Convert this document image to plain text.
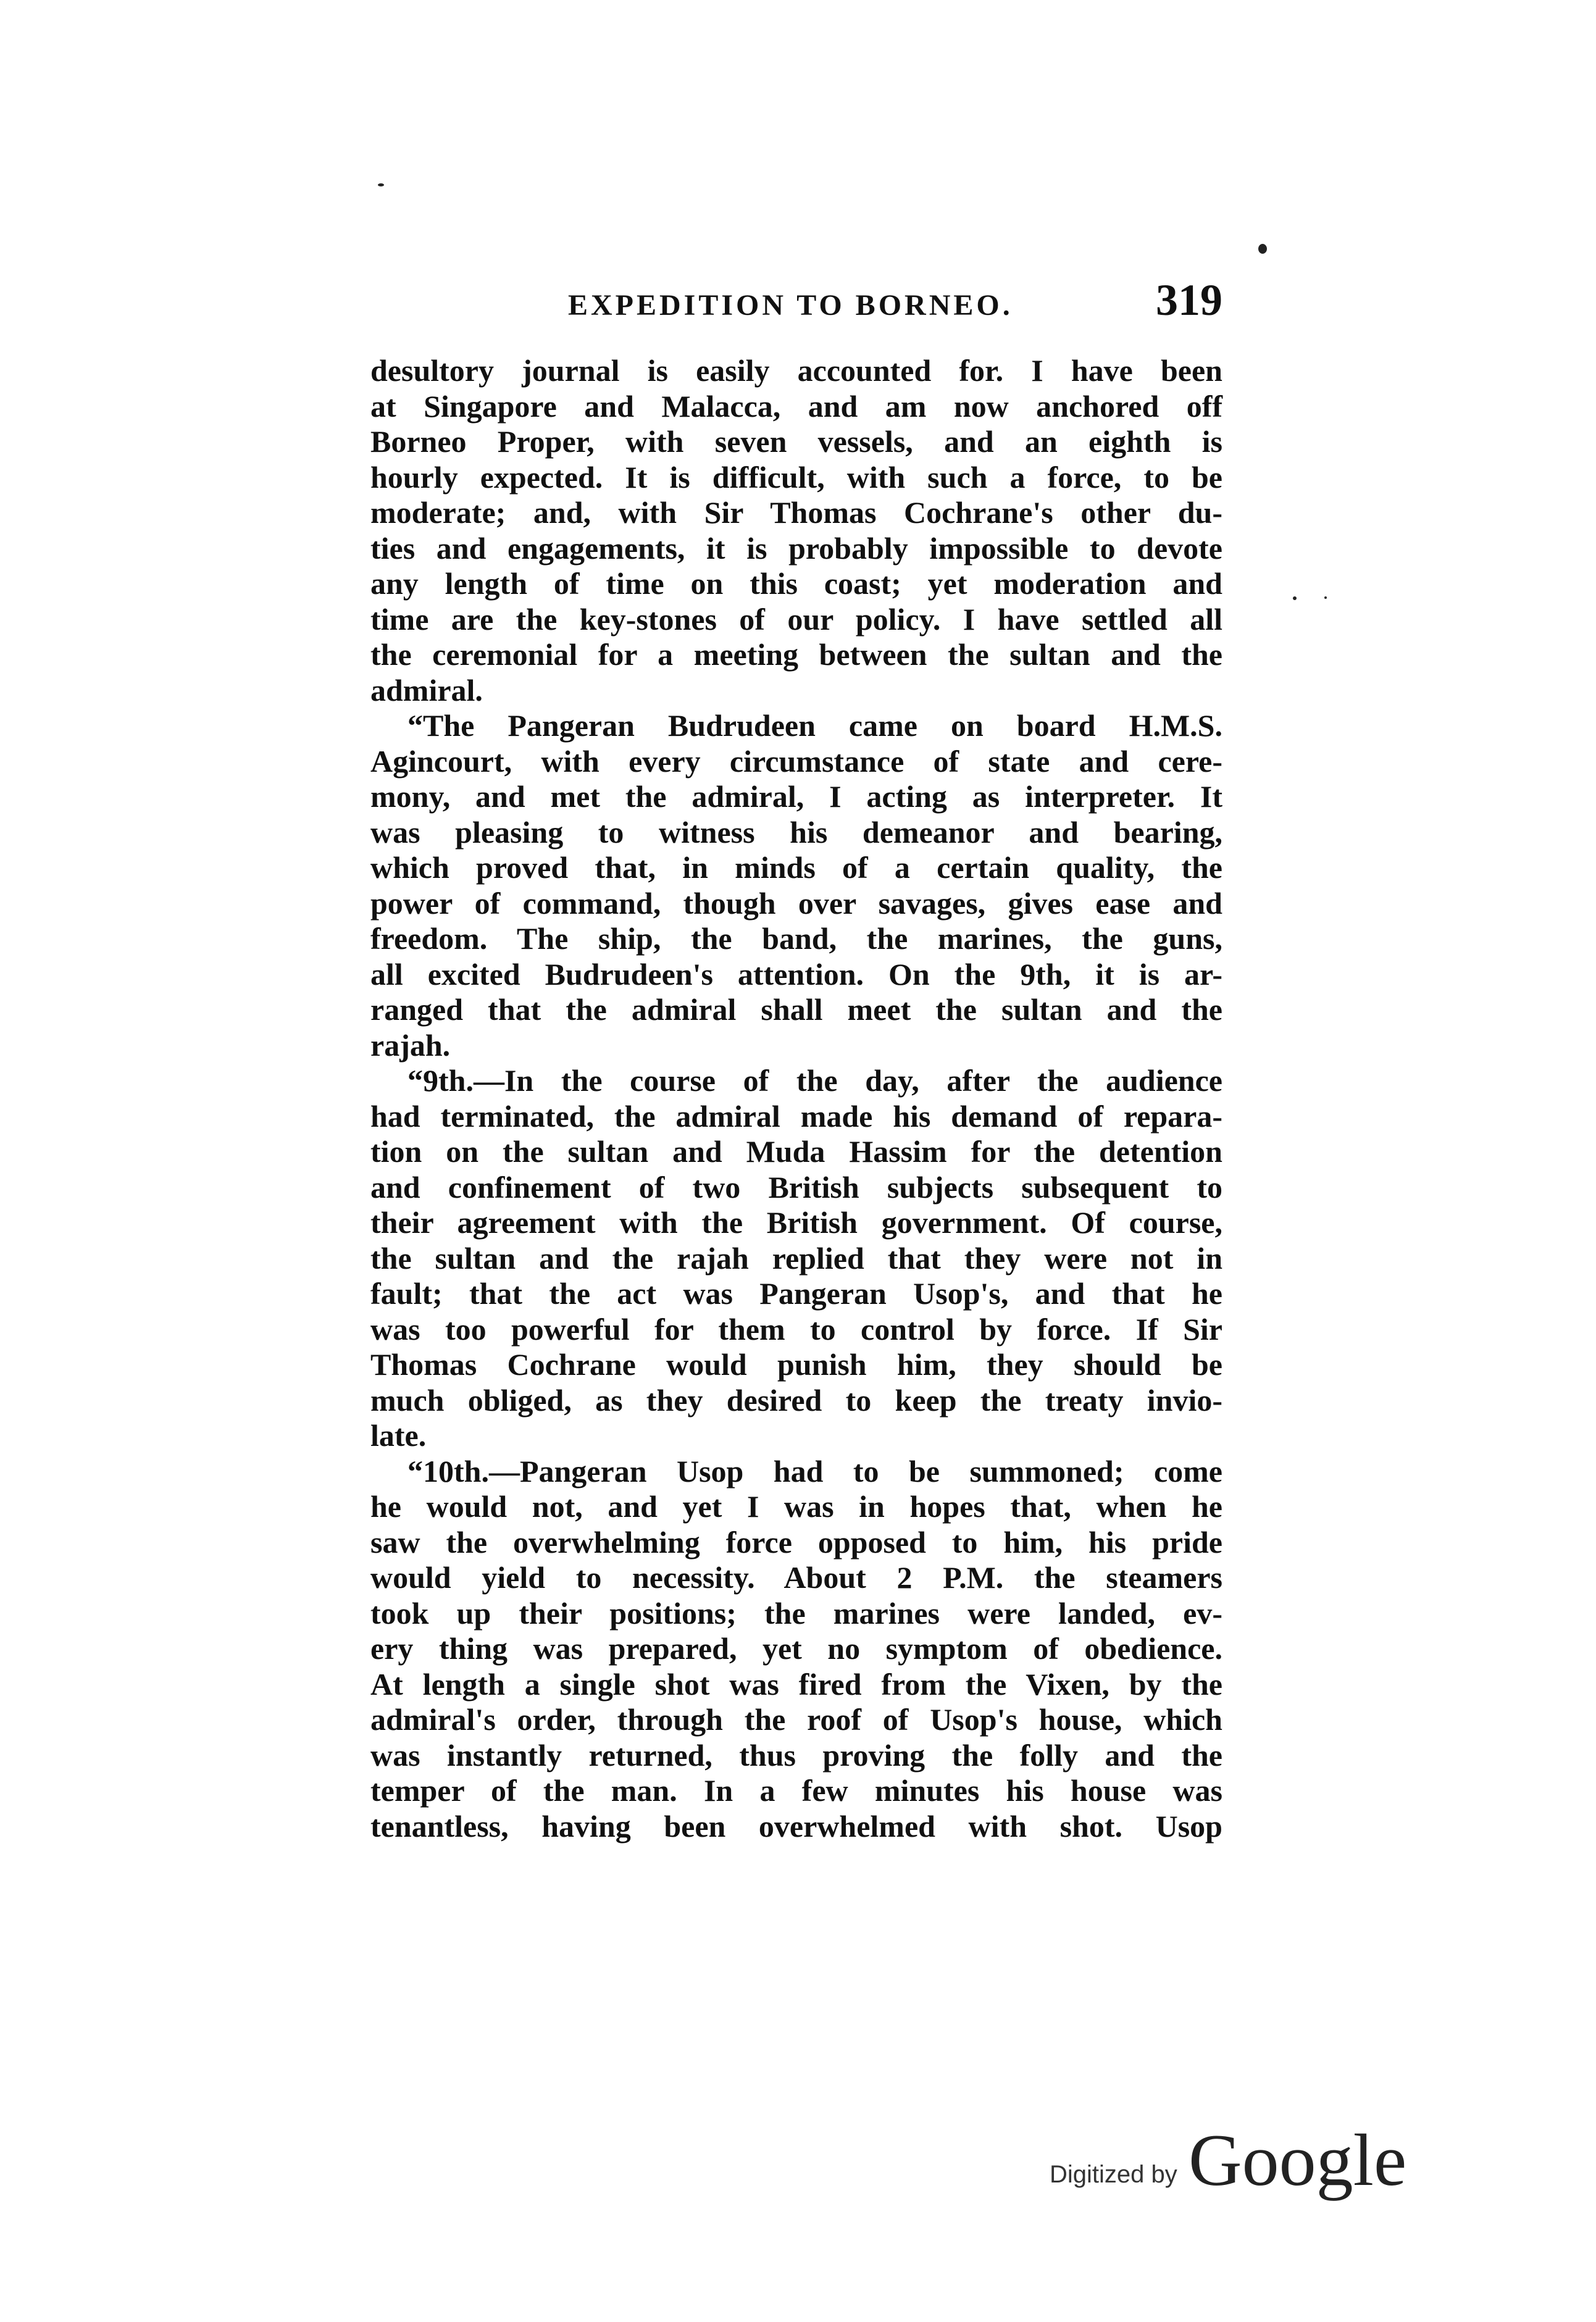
EXPEDITION TO BORNEO.	319
desultory journal is easily accounted for. I have been
at Singapore and Malacca, and am now anchored off
Borneo Proper, with seven vessels, and an eighth is
hourly expected. It is difficult, with such a force, to be
moderate; and, with Sir Thomas Cochrane's other du-
ties and engagements, it is probably impossible to devote
any length of time on this coast; yet moderation and
time are the key-stones of our policy. I have settled all
the ceremonial for a meeting between the sultan and the
admiral.
“The Pangeran Budrudeen came on board H.M.S.
Agincourt, with every circumstance of state and cere-
mony, and met the admiral, I acting as interpreter. It
was pleasing to witness his demeanor and bearing,
which proved that, in minds of a certain quality, the
power of command, though over savages, gives ease and
freedom. The ship, the band, the marines, the guns,
all excited Budrudeen's attention. On the 9th, it is ar-
ranged that the admiral shall meet the sultan and the
rajah.
“9th.—In the course of the day, after the audience
had terminated, the admiral made his demand of repara-
tion on the sultan and Muda Hassim for the detention
and confinement of two British subjects subsequent to
their agreement with the British government. Of course,
the sultan and the rajah replied that they were not in
fault; that the act was Pangeran Usop's, and that he
was too powerful for them to control by force. If Sir
Thomas Cochrane would punish him, they should be
much obliged, as they desired to keep the treaty invio-
late.
“10th.—Pangeran Usop had to be summoned; come
he would not, and yet I was in hopes that, when he
saw the overwhelming force opposed to him, his pride
would yield to necessity. About 2 P.M. the steamers
took up their positions; the marines were landed, ev-
ery thing was prepared, yet no symptom of obedience.
At length a single shot was fired from the Vixen, by the
admiral's order, through the roof of Usop's house, which
was instantly returned, thus proving the folly and the
temper of the man. In a few minutes his house was
tenantless, having been overwhelmed with shot. Usop
Digitized by Google
